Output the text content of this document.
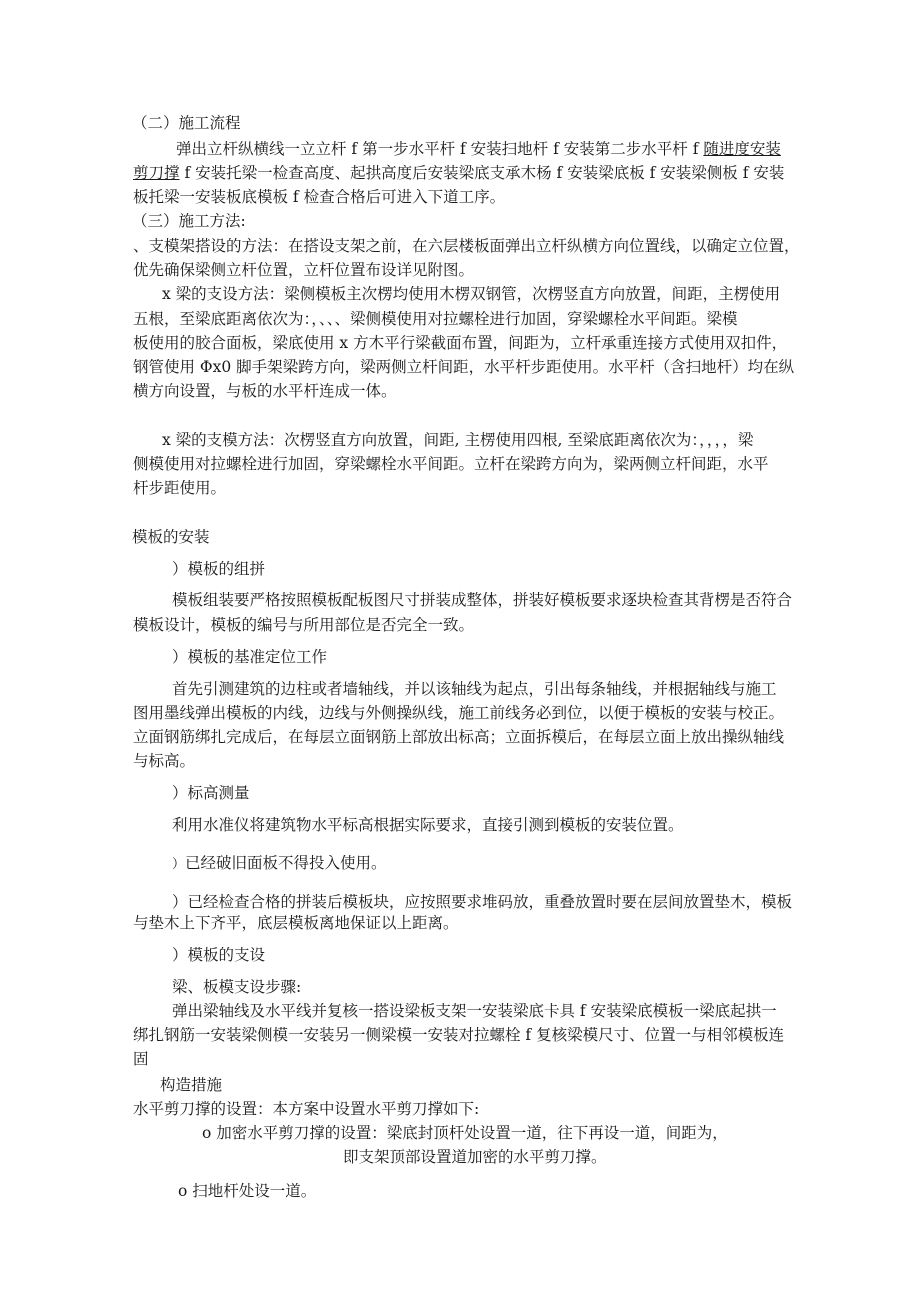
（二）施工流程
弹出立杆纵横线一立立杆 f 第一步水平杆 f 安装扫地杆 f 安装第二步水平杆 f 随进度安装
剪刀撑 f 安装托梁一检查高度、起拱高度后安装梁底支承木杨 f 安装梁底板 f 安装梁侧板 f 安装
板托梁一安装板底模板 f 检查合格后可进入下道工序。
（三）施工方法:
、支模架搭设的方法：在搭设支架之前，在六层楼板面弹出立杆纵横方向位置线，以确定立位置，
优先确保梁侧立杆位置，立杆位置布设详见附图。
x 梁的支设方法：梁侧模板主次楞均使用木楞双钢管，次楞竖直方向放置，间距，主楞使用
五根，至梁底距离依次为：，、、、梁侧模使用对拉螺栓进行加固，穿梁螺栓水平间距。梁模
板使用的胶合面板，梁底使用 x 方木平行梁截面布置，间距为，立杆承重连接方式使用双扣件，
钢管使用 Φx0 脚手架梁跨方向，梁两侧立杆间距，水平杆步距使用。水平杆（含扫地杆）均在纵
横方向设置，与板的水平杆连成一体。
x 梁的支模方法：次楞竖直方向放置，间距, 主楞使用四根, 至梁底距离依次为：，，，，梁
侧模使用对拉螺栓进行加固，穿梁螺栓水平间距。立杆在梁跨方向为，梁两侧立杆间距，水平
杆步距使用。
模板的安装
）模板的组拼
模板组装要严格按照模板配板图尺寸拼装成整体，拼装好模板要求逐块检查其背楞是否符合
模板设计，模板的编号与所用部位是否完全一致。
）模板的基准定位工作
首先引测建筑的边柱或者墙轴线，并以该轴线为起点，引出每条轴线，并根据轴线与施工
图用墨线弹出模板的内线，边线与外侧操纵线，施工前线务必到位，以便于模板的安装与校正。
立面钢筋绑扎完成后，在每层立面钢筋上部放出标高；立面拆模后，在每层立面上放出操纵轴线
与标高。
）标高测量
利用水准仪将建筑物水平标高根据实际要求，直接引测到模板的安装位置。
）已经破旧面板不得投入使用。
）已经检查合格的拼装后模板块，应按照要求堆码放，重叠放置时要在层间放置垫木，模板
与垫木上下齐平，底层模板离地保证以上距离。
）模板的支设
梁、板模支设步骤:
弹出梁轴线及水平线并复核一搭设梁板支架一安装梁底卡具 f 安装梁底模板一梁底起拱一
绑扎钢筋一安装梁侧模一安装另一侧梁模一安装对拉螺栓 f 复核梁模尺寸、位置一与相邻模板连
固
构造措施
水平剪刀撑的设置：本方案中设置水平剪刀撑如下:
o 加密水平剪刀撑的设置：梁底封顶杆处设置一道，往下再设一道，间距为，
即支架顶部设置道加密的水平剪刀撑。
o 扫地杆处设一道。
